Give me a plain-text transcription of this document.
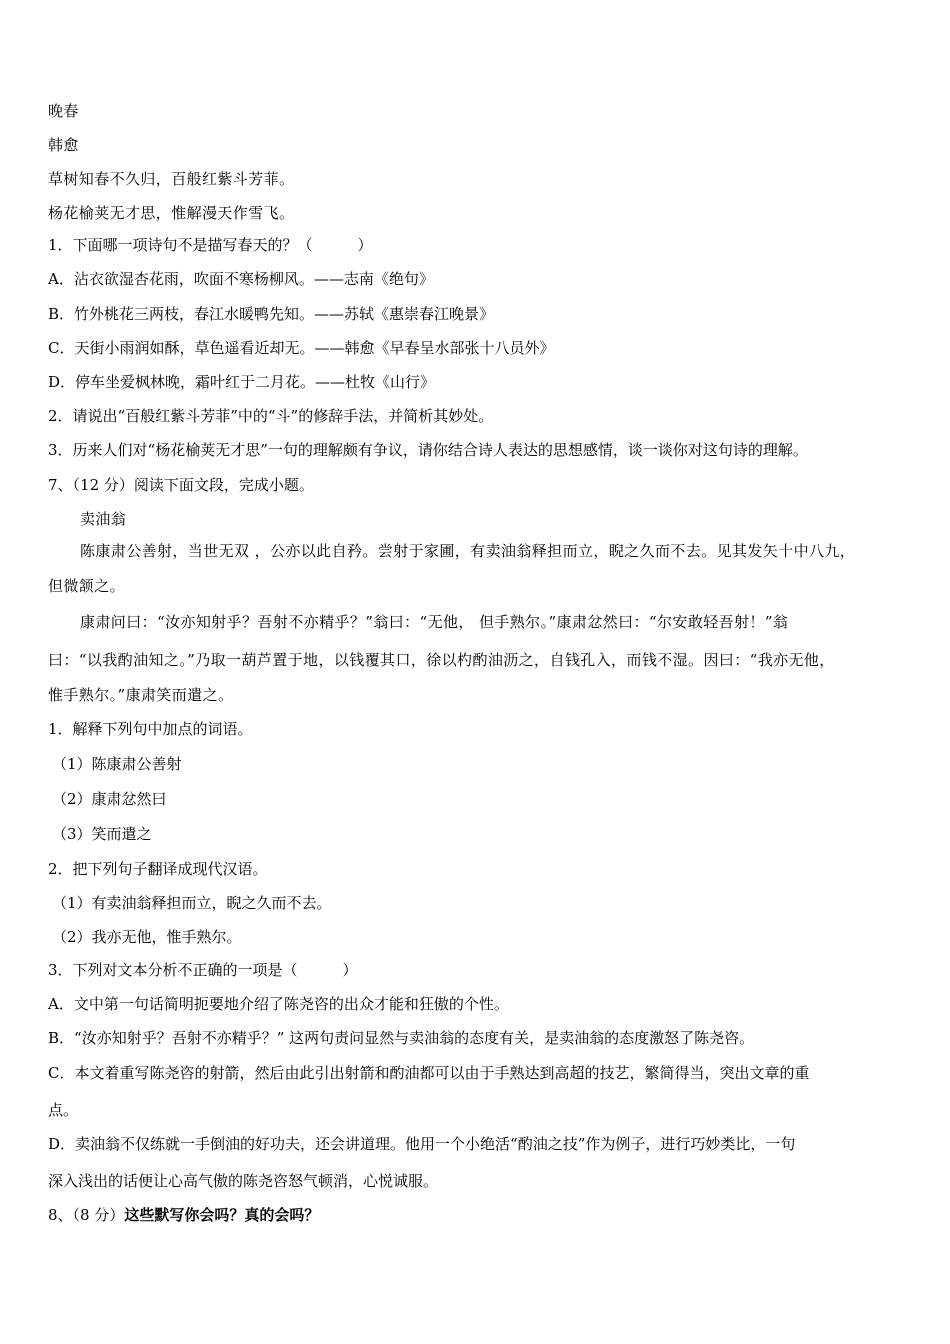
晚春
韩愈
草树知春不久归，百般红紫斗芳菲。
杨花榆荚无才思，惟解漫天作雪飞。
1．下面哪一项诗句不是描写春天的？（　　　）
A．沾衣欲湿杏花雨，吹面不寒杨柳风。——志南《绝句》
B．竹外桃花三两枝，春江水暖鸭先知。——苏轼《惠崇春江晚景》
C．天街小雨润如酥，草色遥看近却无。——韩愈《早春呈水部张十八员外》
D．停车坐爱枫林晚，霜叶红于二月花。——杜牧《山行》
2．请说出“百般红紫斗芳菲”中的“斗”的修辞手法，并简析其妙处。
3．历来人们对“杨花榆荚无才思”一句的理解颇有争议，请你结合诗人表达的思想感情，谈一谈你对这句诗的理解。
7、（12 分）阅读下面文段，完成小题。
卖油翁
陈康肃公善射，当世无双 ，公亦以此自矜。尝射于家圃，有卖油翁释担而立，睨之久而不去。见其发矢十中八九，
但微颔之。
康肃问曰：“汝亦知射乎？吾射不亦精乎？”翁曰：“无他， 但手熟尔。”康肃忿然曰：“尔安敢轻吾射！”翁
曰：“以我酌油知之。”乃取一葫芦置于地，以钱覆其口，徐以杓酌油沥之，自钱孔入，而钱不湿。因曰：“我亦无他，
惟手熟尔。”康肃笑而遣之。
1．解释下列句中加点的词语。
（1）陈康肃公善射
（2）康肃忿然曰
（3）笑而遣之
2．把下列句子翻译成现代汉语。
（1）有卖油翁释担而立，睨之久而不去。
（2）我亦无他，惟手熟尔。
3．下列对文本分析不正确的一项是（　　　）
A．文中第一句话简明扼要地介绍了陈尧咨的出众才能和狂傲的个性。
B．“汝亦知射乎？吾射不亦精乎？” 这两句责问显然与卖油翁的态度有关，是卖油翁的态度激怒了陈尧咨。
C．本文着重写陈尧咨的射箭，然后由此引出射箭和酌油都可以由于手熟达到高超的技艺，繁简得当，突出文章的重
点。
D．卖油翁不仅练就一手倒油的好功夫，还会讲道理。他用一个小绝活“酌油之技”作为例子，进行巧妙类比，一句
深入浅出的话便让心高气傲的陈尧咨怒气顿消，心悦诚服。
8、（8 分）这些默写你会吗？真的会吗？
